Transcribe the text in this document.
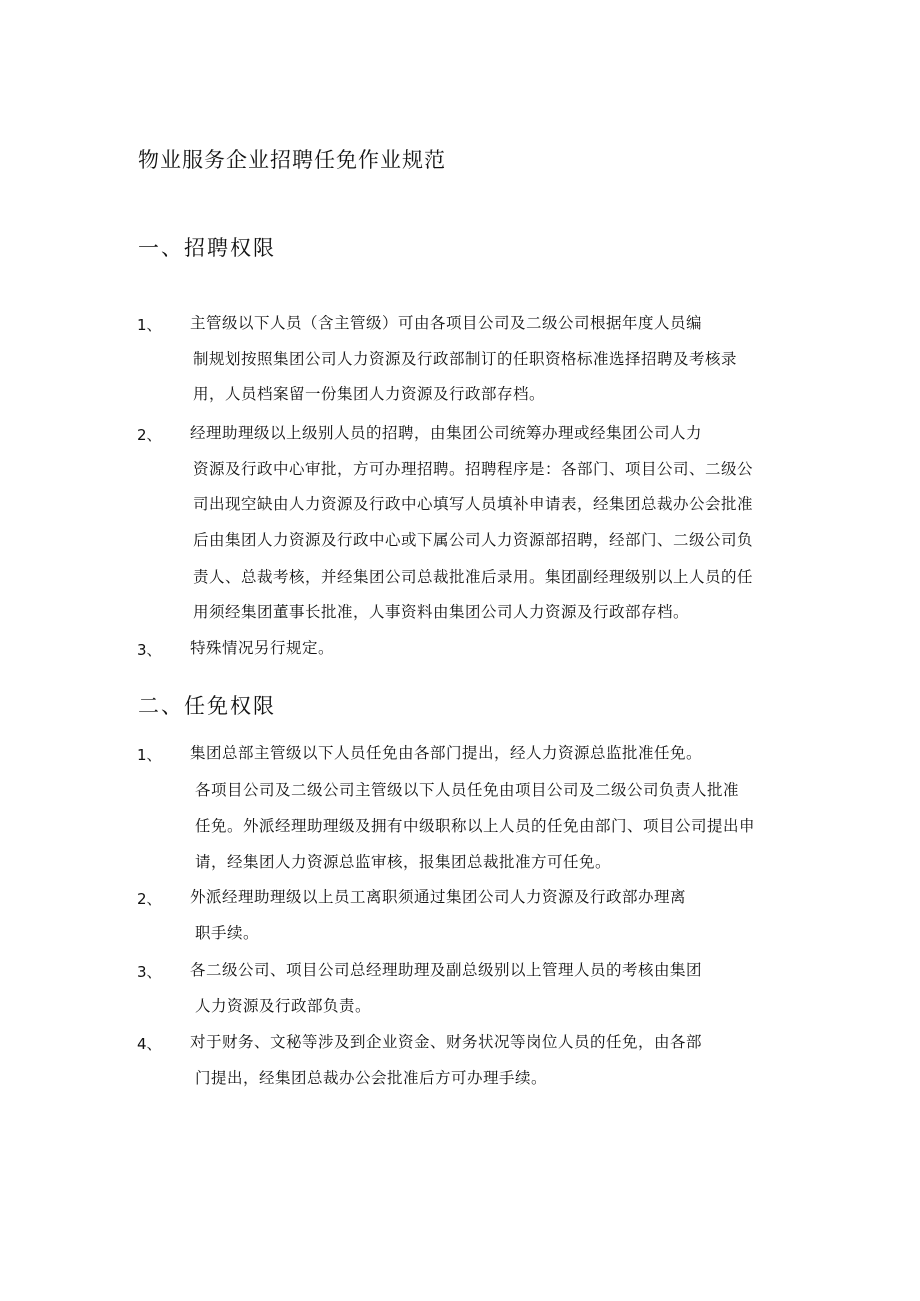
物业服务企业招聘任免作业规范
一、招聘权限
1、 主管级以下人员（含主管级）可由各项目公司及二级公司根据年度人员编
制规划按照集团公司人力资源及行政部制订的任职资格标准选择招聘及考核录
用，人员档案留一份集团人力资源及行政部存档。
2、 经理助理级以上级别人员的招聘，由集团公司统筹办理或经集团公司人力
资源及行政中心审批，方可办理招聘。招聘程序是：各部门、项目公司、二级公
司出现空缺由人力资源及行政中心填写人员填补申请表，经集团总裁办公会批准
后由集团人力资源及行政中心或下属公司人力资源部招聘，经部门、二级公司负
责人、总裁考核，并经集团公司总裁批准后录用。集团副经理级别以上人员的任
用须经集团董事长批准，人事资料由集团公司人力资源及行政部存档。
3、 特殊情况另行规定。
二、任免权限
1、 集团总部主管级以下人员任免由各部门提出，经人力资源总监批准任免。
各项目公司及二级公司主管级以下人员任免由项目公司及二级公司负责人批准
任免。外派经理助理级及拥有中级职称以上人员的任免由部门、项目公司提出申
请，经集团人力资源总监审核，报集团总裁批准方可任免。
2、 外派经理助理级以上员工离职须通过集团公司人力资源及行政部办理离
职手续。
3、 各二级公司、项目公司总经理助理及副总级别以上管理人员的考核由集团
人力资源及行政部负责。
4、 对于财务、文秘等涉及到企业资金、财务状况等岗位人员的任免，由各部
门提出，经集团总裁办公会批准后方可办理手续。
